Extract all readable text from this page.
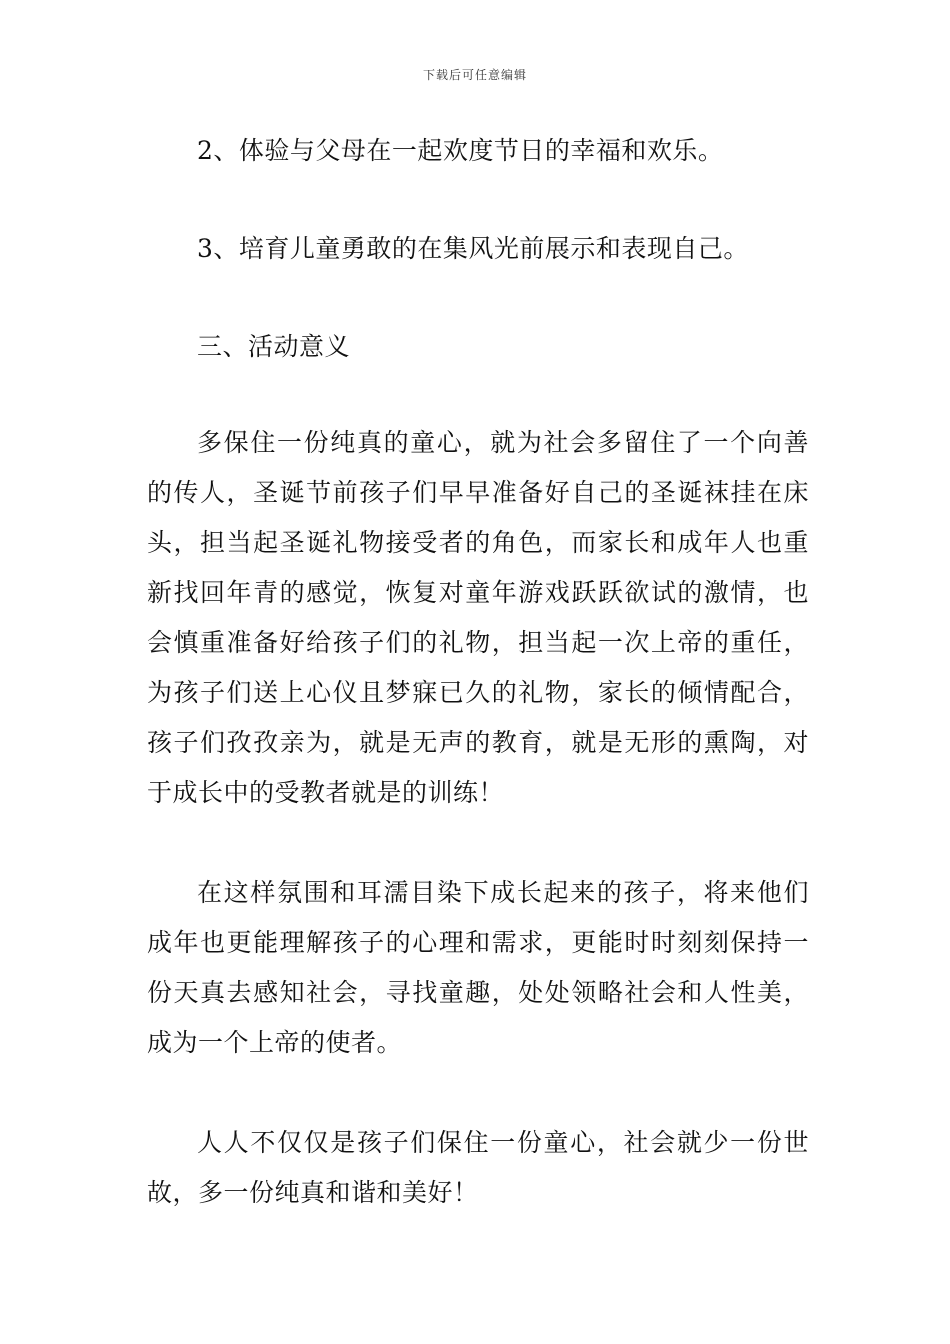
下载后可任意编辑
2、体验与父母在一起欢度节日的幸福和欢乐。
3、培育儿童勇敢的在集风光前展示和表现自己。
三、活动意义
多保住一份纯真的童心，就为社会多留住了一个向善
的传人，圣诞节前孩子们早早准备好自己的圣诞袜挂在床
头，担当起圣诞礼物接受者的角色，而家长和成年人也重
新找回年青的感觉，恢复对童年游戏跃跃欲试的激情，也
会慎重准备好给孩子们的礼物，担当起一次上帝的重任，
为孩子们送上心仪且梦寐已久的礼物，家长的倾情配合，
孩子们孜孜亲为，就是无声的教育，就是无形的熏陶，对
于成长中的受教者就是的训练！
在这样氛围和耳濡目染下成长起来的孩子，将来他们
成年也更能理解孩子的心理和需求，更能时时刻刻保持一
份天真去感知社会，寻找童趣，处处领略社会和人性美，
成为一个上帝的使者。
人人不仅仅是孩子们保住一份童心，社会就少一份世
故，多一份纯真和谐和美好！
